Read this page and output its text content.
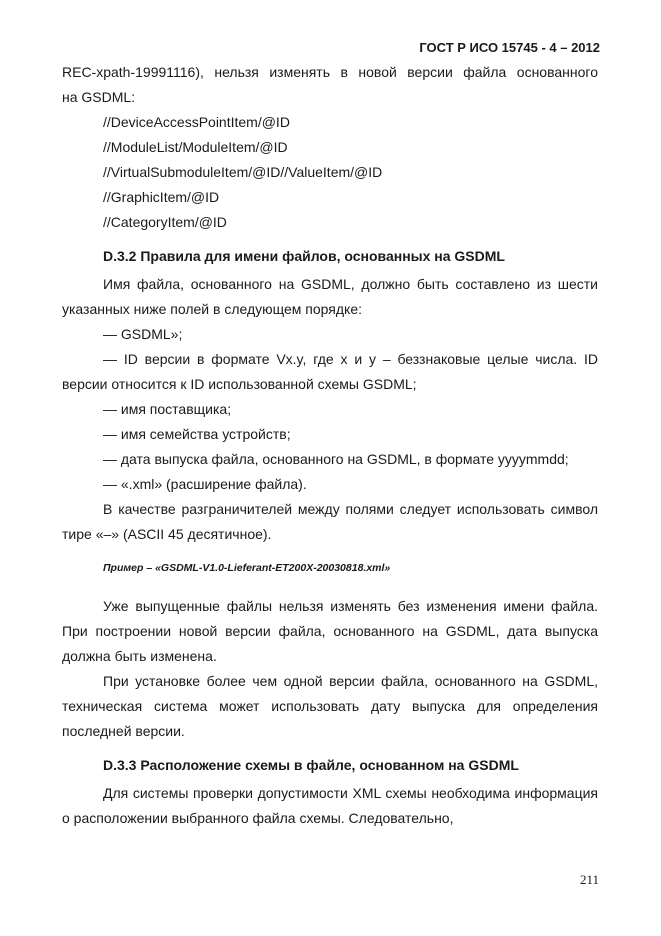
ГОСТ Р ИСО 15745 - 4 – 2012

REC-xpath-19991116), нельзя изменять в новой версии файла основанного

на GSDML:

//DeviceAccessPointItem/@ID

//ModuleList/ModuleItem/@ID

//VirtualSubmoduleItem/@ID//ValueItem/@ID

//GraphicItem/@ID

//CategoryItem/@ID

D.3.2 Правила для имени файлов, основанных на GSDML

Имя файла, основанного на GSDML, должно быть составлено из шести указанных ниже полей в следующем порядке:

— GSDML»;

— ID версии в формате Vx.y, где x и y – беззнаковые целые числа. ID версии относится к ID использованной схемы GSDML;

— имя поставщика;

— имя семейства устройств;

— дата выпуска файла, основанного на GSDML, в формате yyyymmdd;

— «.xml» (расширение файла).

В качестве разграничителей между полями следует использовать символ тире «–» (ASCII 45 десятичное).

Пример – «GSDML-V1.0-Lieferant-ET200X-20030818.xml»

Уже выпущенные файлы нельзя изменять без изменения имени файла. При построении новой версии файла, основанного на GSDML, дата выпуска должна быть изменена.

При установке более чем одной версии файла, основанного на GSDML, техническая система может использовать дату выпуска для определения последней версии.

D.3.3 Расположение схемы в файле, основанном на GSDML

Для системы проверки допустимости XML схемы необходима информация о расположении выбранного файла схемы. Следовательно,

211
